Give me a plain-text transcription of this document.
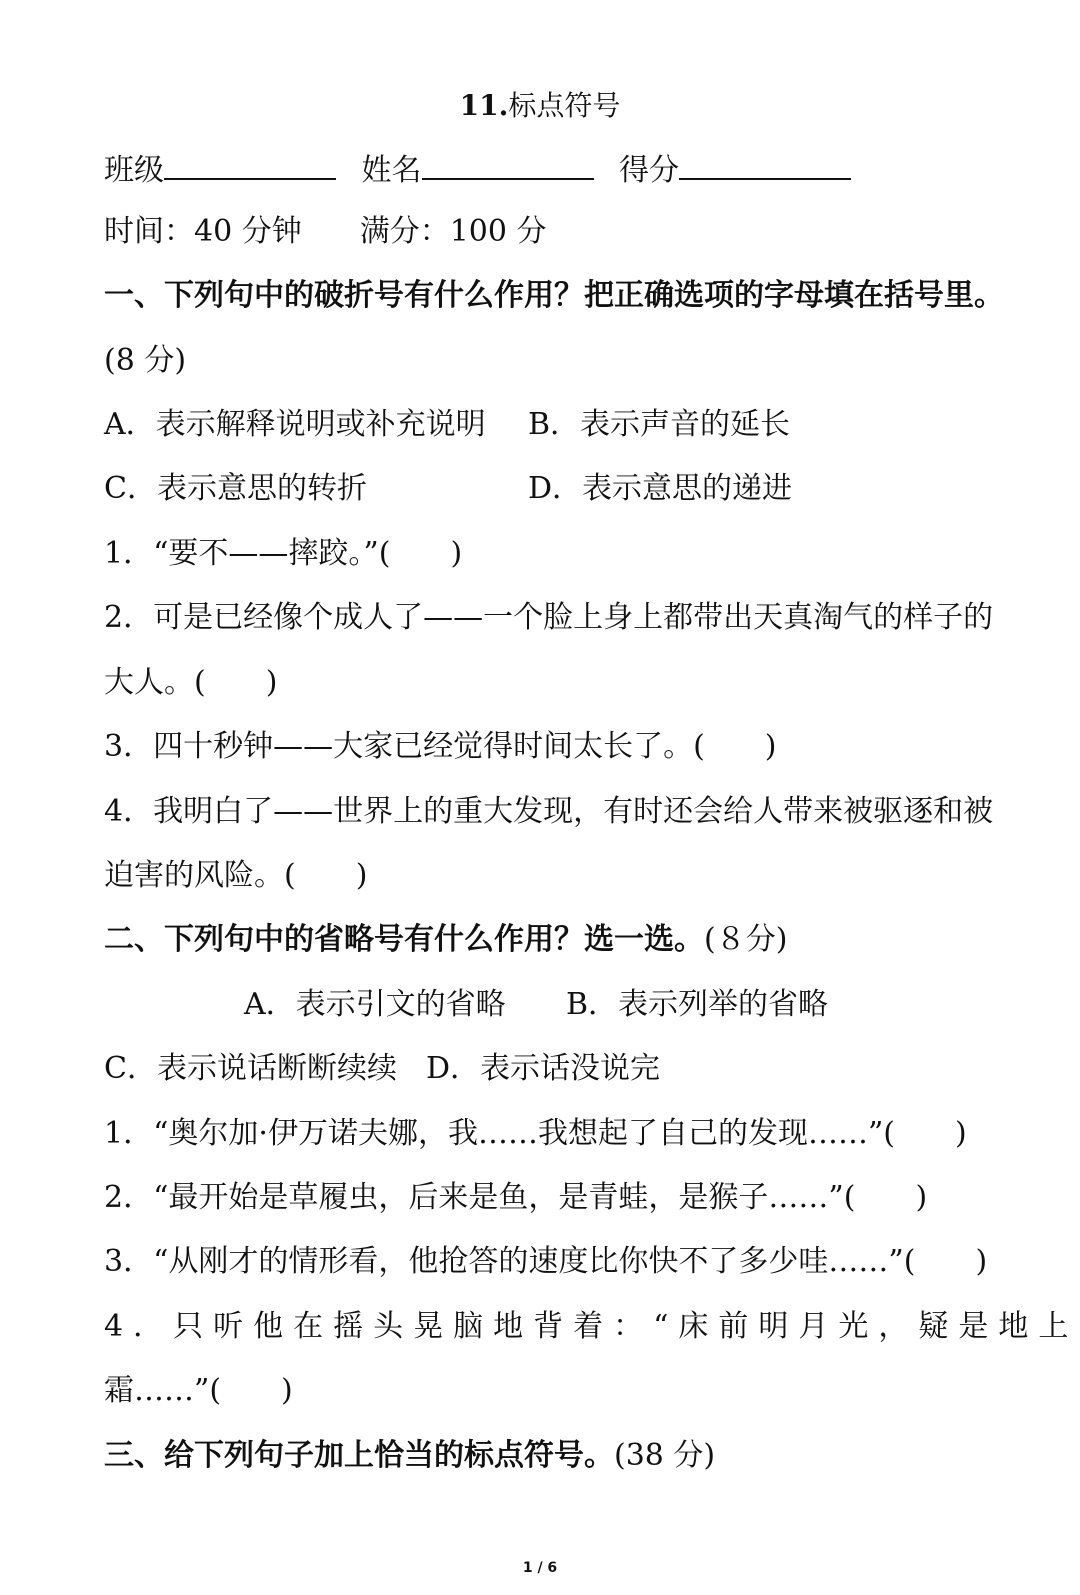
11.标点符号
班级	姓名	得分
时间：40 分钟 满分：100 分
一、下列句中的破折号有什么作用？把正确选项的字母填在括号里。
(8 分)
A．表示解释说明或补充说明 B．表示声音的延长
C．表示意思的转折	D．表示意思的递进
1．“要不——摔跤。”(　　)
2．可是已经像个成人了——一个脸上身上都带出天真淘气的样子的
大人。(　　)
3．四十秒钟——大家已经觉得时间太长了。(　　)
4．我明白了——世界上的重大发现，有时还会给人带来被驱逐和被
迫害的风险。(　　)
二、下列句中的省略号有什么作用？选一选。(８分)
A．表示引文的省略 B．表示列举的省略
C．表示说话断断续续 D．表示话没说完
1．“奥尔加·伊万诺夫娜，我……我想起了自己的发现……”(　　)
2．“最开始是草履虫，后来是鱼，是青蛙，是猴子……”(　　)
3．“从刚才的情形看，他抢答的速度比你快不了多少哇……”(　　)
4．只听他在摇头晃脑地背着：“床前明月光，疑是地上
霜……”(　　)
三、给下列句子加上恰当的标点符号。(38 分)
1 / 6
